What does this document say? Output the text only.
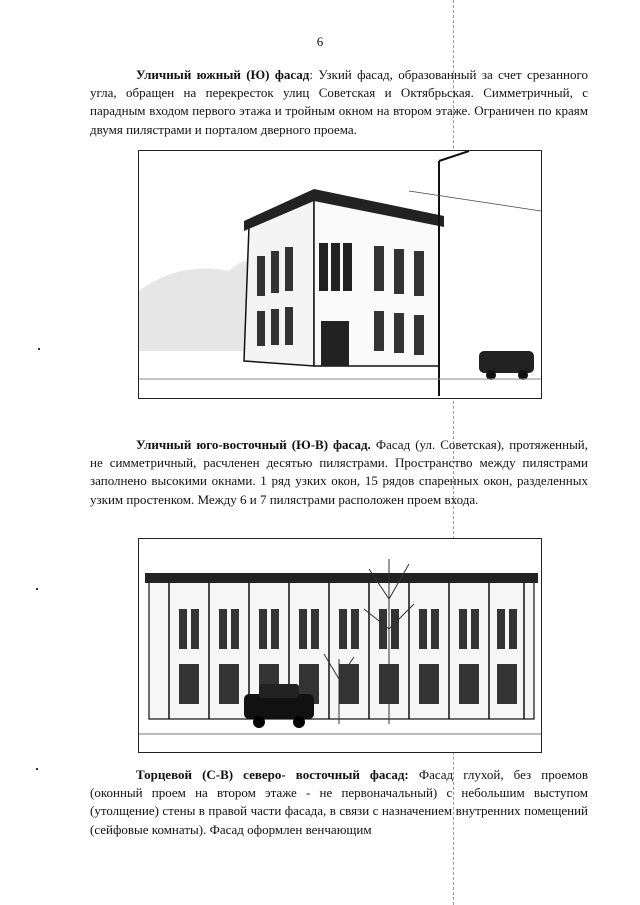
6

Уличный южный (Ю) фасад: Узкий фасад, образованный за счет срезанного угла, обращен на перекресток улиц Советская и Октябрьская. Симметричный, с парадным входом первого этажа и тройным окном на втором этаже. Ограничен по краям двумя пилястрами и порталом дверного проема.

Уличный юго-восточный (Ю-В) фасад. Фасад (ул. Советская), протяженный, не симметричный, расчленен десятью пилястрами. Пространство между пилястрами заполнено высокими окнами. 1 ряд узких окон, 15 рядов спаренных окон, разделенных узким простенком. Между 6 и 7 пилястрами расположен проем входа.

Торцевой (С-В) северо- восточный фасад: Фасад глухой, без проемов (оконный проем на втором этаже - не первоначальный) с небольшим выступом (утолщение) стены в правой части фасада, в связи с назначением внутренних помещений (сейфовые комнаты). Фасад оформлен венчающим
